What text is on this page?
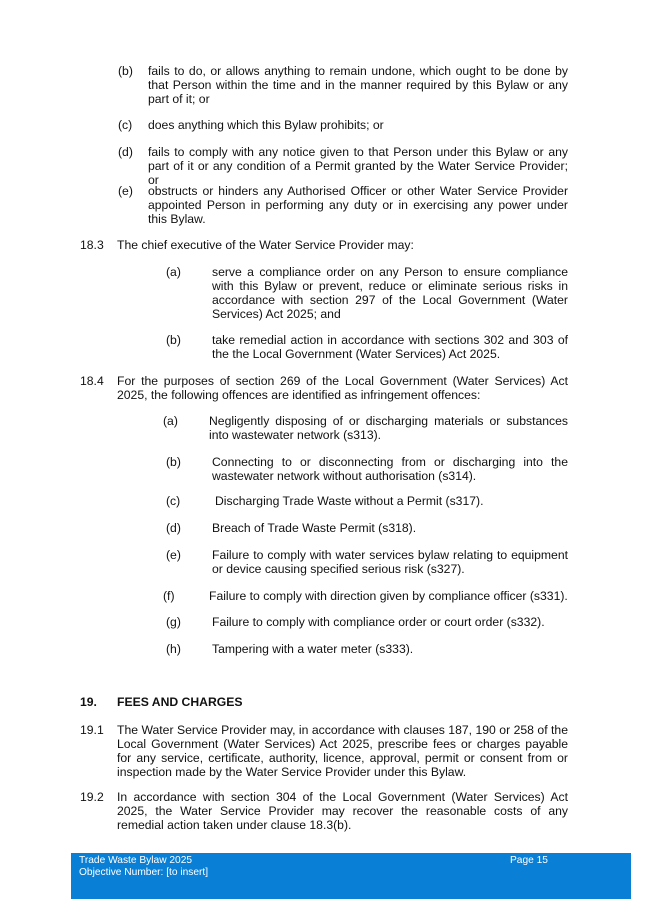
(b)	fails to do, or allows anything to remain undone, which ought to be done by that Person within the time and in the manner required by this Bylaw or any part of it; or
(c)	does anything which this Bylaw prohibits; or
(d)	fails to comply with any notice given to that Person under this Bylaw or any part of it or any condition of a Permit granted by the Water Service Provider; or
(e)	obstructs or hinders any Authorised Officer or other Water Service Provider appointed Person in performing any duty or in exercising any power under this Bylaw.
18.3	The chief executive of the Water Service Provider may:
(a)	serve a compliance order on any Person to ensure compliance with this Bylaw or prevent, reduce or eliminate serious risks in accordance with section 297 of the Local Government (Water Services) Act 2025; and
(b)	take remedial action in accordance with sections 302 and 303 of the the Local Government (Water Services) Act 2025.
18.4	For the purposes of section 269 of the Local Government (Water Services) Act 2025, the following offences are identified as infringement offences:
(a)	Negligently disposing of or discharging materials or substances into wastewater network (s313).
(b)	Connecting to or disconnecting from or discharging into the wastewater network without authorisation (s314).
(c)	Discharging Trade Waste without a Permit (s317).
(d)	Breach of Trade Waste Permit (s318).
(e)	Failure to comply with water services bylaw relating to equipment or device causing specified serious risk (s327).
(f)	Failure to comply with direction given by compliance officer (s331).
(g)	Failure to comply with compliance order or court order (s332).
(h)	Tampering with a water meter (s333).
19.	FEES AND CHARGES
19.1	The Water Service Provider may, in accordance with clauses 187, 190 or 258 of the Local Government (Water Services) Act 2025, prescribe fees or charges payable for any service, certificate, authority, licence, approval, permit or consent from or inspection made by the Water Service Provider under this Bylaw.
19.2	In accordance with section 304 of the Local Government (Water Services) Act 2025, the Water Service Provider may recover the reasonable costs of any remedial action taken under clause 18.3(b).
Trade Waste Bylaw 2025
Objective Number: [to insert]
Page 15
